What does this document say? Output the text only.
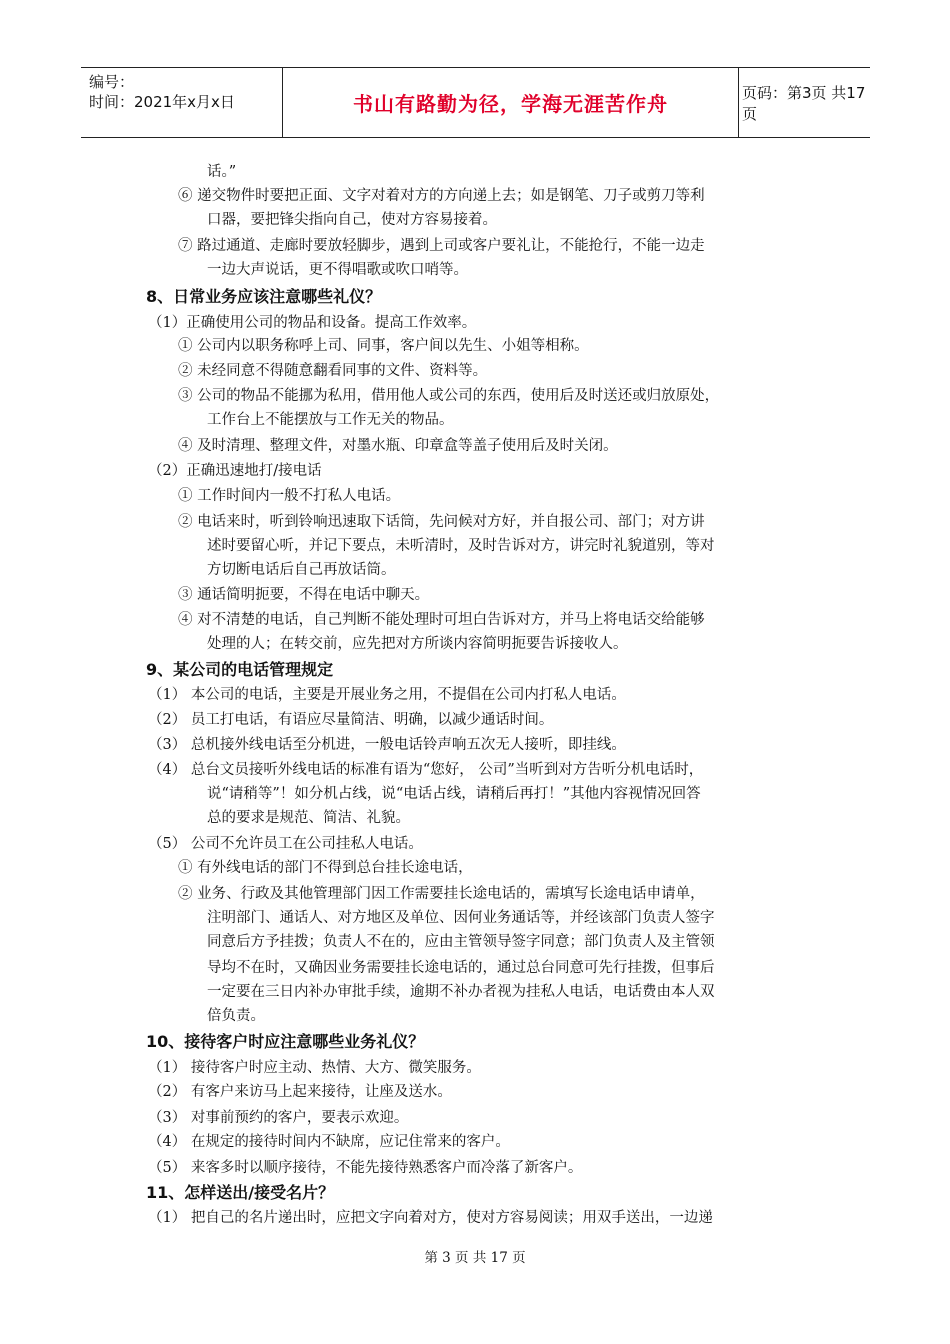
编号：
时间：2021年x月x日	书山有路勤为径，学海无涯苦作舟	页码：第3页 共17页
8、日常业务应该注意哪些礼仪？
9、某公司的电话管理规定
10、接待客户时应注意哪些业务礼仪？
11、怎样送出/接受名片？
话。”
⑥ 递交物件时要把正面、文字对着对方的方向递上去；如是钢笔、刀子或剪刀等利
口器，要把锋尖指向自己，使对方容易接着。
⑦ 路过通道、走廊时要放轻脚步，遇到上司或客户要礼让，不能抢行，不能一边走
一边大声说话，更不得唱歌或吹口哨等。
（1）正确使用公司的物品和设备。提高工作效率。
① 公司内以职务称呼上司、同事，客户间以先生、小姐等相称。
② 未经同意不得随意翻看同事的文件、资料等。
③ 公司的物品不能挪为私用，借用他人或公司的东西，使用后及时送还或归放原处，
工作台上不能摆放与工作无关的物品。
④ 及时清理、整理文件，对墨水瓶、印章盒等盖子使用后及时关闭。
（2）正确迅速地打/接电话
① 工作时间内一般不打私人电话。
② 电话来时，听到铃响迅速取下话筒，先问候对方好，并自报公司、部门；对方讲
述时要留心听，并记下要点，未听清时，及时告诉对方，讲完时礼貌道别，等对
方切断电话后自己再放话筒。
③ 通话简明扼要，不得在电话中聊天。
④ 对不清楚的电话，自己判断不能处理时可坦白告诉对方，并马上将电话交给能够
处理的人；在转交前，应先把对方所谈内容简明扼要告诉接收人。
（1） 本公司的电话，主要是开展业务之用，不提倡在公司内打私人电话。
（2） 员工打电话，有语应尽量简洁、明确，以减少通话时间。
（3） 总机接外线电话至分机进，一般电话铃声响五次无人接听，即挂线。
（4） 总台文员接听外线电话的标准有语为“您好， 公司”当听到对方告听分机电话时，
说“请稍等”！如分机占线，说“电话占线，请稍后再打！”其他内容视情况回答
总的要求是规范、简洁、礼貌。
（5） 公司不允许员工在公司挂私人电话。
① 有外线电话的部门不得到总台挂长途电话，
② 业务、行政及其他管理部门因工作需要挂长途电话的，需填写长途电话申请单，
注明部门、通话人、对方地区及单位、因何业务通话等，并经该部门负责人签字
同意后方予挂拨；负责人不在的，应由主管领导签字同意；部门负责人及主管领
导均不在时，又确因业务需要挂长途电话的，通过总台同意可先行挂拨，但事后
一定要在三日内补办审批手续，逾期不补办者视为挂私人电话，电话费由本人双
倍负责。
（1） 接待客户时应主动、热情、大方、微笑服务。
（2） 有客户来访马上起来接待，让座及送水。
（3） 对事前预约的客户，要表示欢迎。
（4） 在规定的接待时间内不缺席，应记住常来的客户。
（5） 来客多时以顺序接待，不能先接待熟悉客户而冷落了新客户。
（1） 把自己的名片递出时，应把文字向着对方，使对方容易阅读；用双手送出，一边递
第 3 页 共 17 页
